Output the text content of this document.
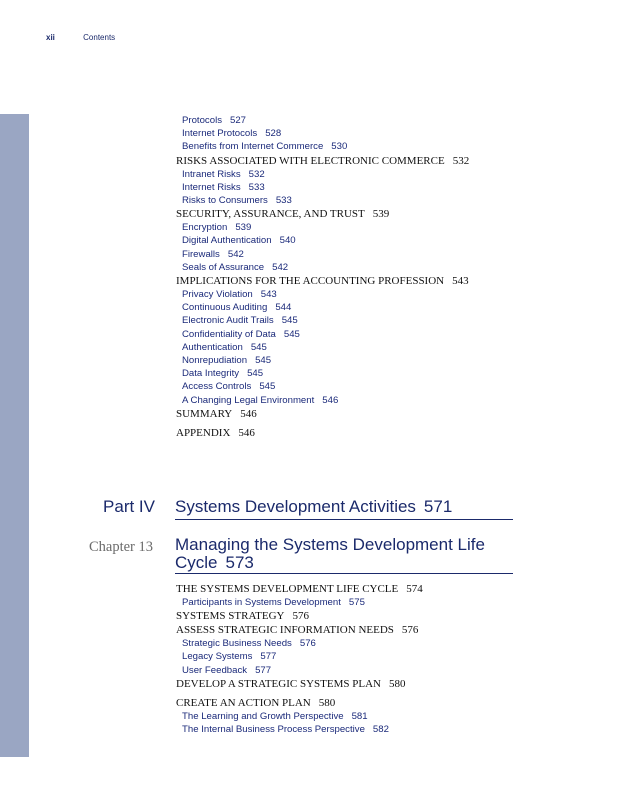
xii	Contents
Protocols 527
Internet Protocols 528
Benefits from Internet Commerce 530
RISKS ASSOCIATED WITH ELECTRONIC COMMERCE 532
Intranet Risks 532
Internet Risks 533
Risks to Consumers 533
SECURITY, ASSURANCE, AND TRUST 539
Encryption 539
Digital Authentication 540
Firewalls 542
Seals of Assurance 542
IMPLICATIONS FOR THE ACCOUNTING PROFESSION 543
Privacy Violation 543
Continuous Auditing 544
Electronic Audit Trails 545
Confidentiality of Data 545
Authentication 545
Nonrepudiation 545
Data Integrity 545
Access Controls 545
A Changing Legal Environment 546
SUMMARY 546
APPENDIX 546
Part IV Systems Development Activities 571
Chapter 13 Managing the Systems Development Life Cycle 573
THE SYSTEMS DEVELOPMENT LIFE CYCLE 574
Participants in Systems Development 575
SYSTEMS STRATEGY 576
ASSESS STRATEGIC INFORMATION NEEDS 576
Strategic Business Needs 576
Legacy Systems 577
User Feedback 577
DEVELOP A STRATEGIC SYSTEMS PLAN 580
CREATE AN ACTION PLAN 580
The Learning and Growth Perspective 581
The Internal Business Process Perspective 582
